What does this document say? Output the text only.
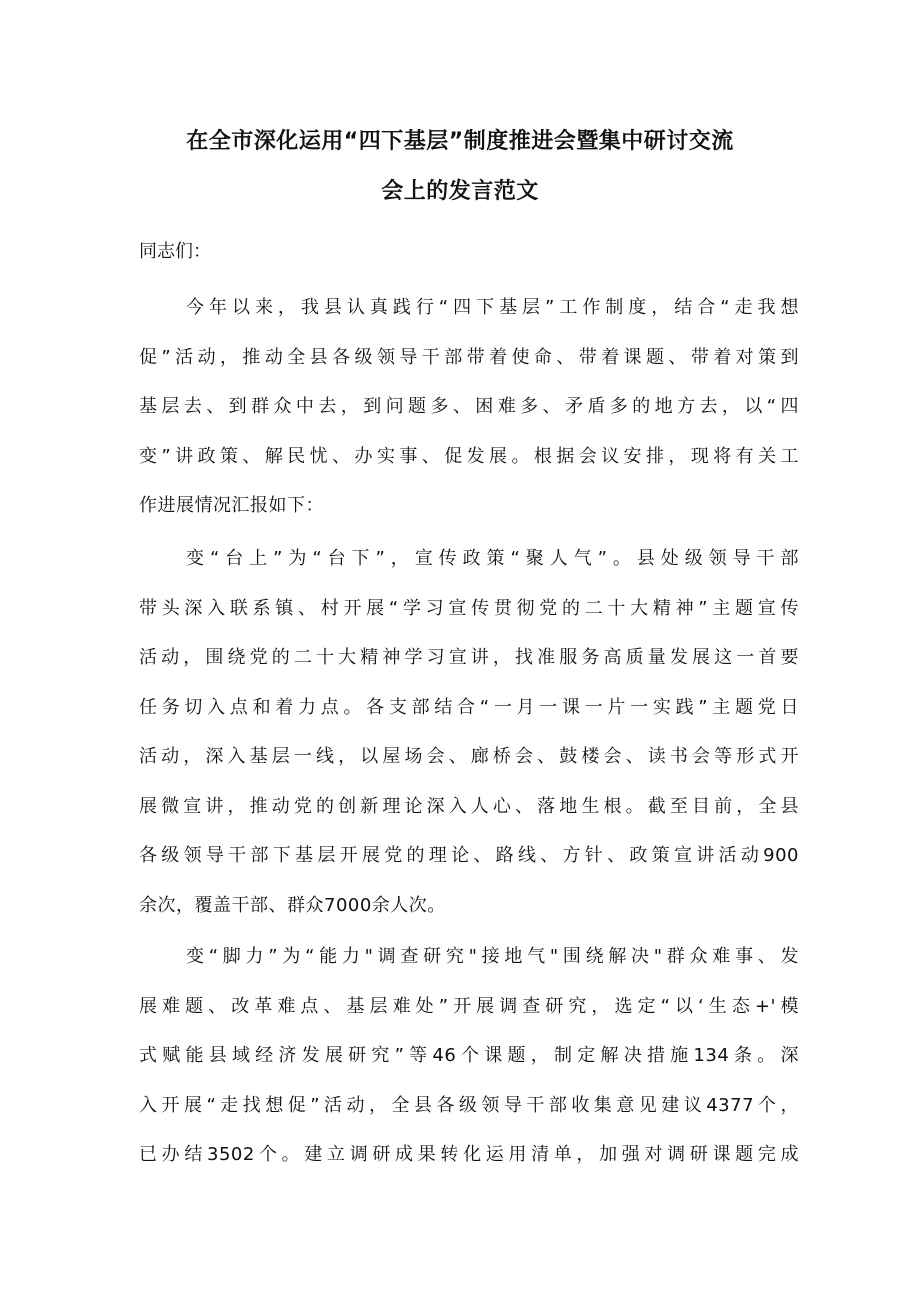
在全市深化运用“四下基层”制度推进会暨集中研讨交流
会上的发言范文

同志们：

今年以来，我县认真践行“四下基层”工作制度，结合“走我想
促”活动，推动全县各级领导干部带着使命、带着课题、带着对策到
基层去、到群众中去，到问题多、困难多、矛盾多的地方去，以“四
变”讲政策、解民忧、办实事、促发展。根据会议安排，现将有关工
作进展情况汇报如下：
变“台上”为“台下”，宣传政策“聚人气”。县处级领导干部
带头深入联系镇、村开展“学习宣传贯彻党的二十大精神”主题宣传
活动，围绕党的二十大精神学习宣讲，找准服务高质量发展这一首要
任务切入点和着力点。各支部结合“一月一课一片一实践”主题党日
活动，深入基层一线，以屋场会、廊桥会、鼓楼会、读书会等形式开
展微宣讲，推动党的创新理论深入人心、落地生根。截至目前，全县
各级领导干部下基层开展党的理论、路线、方针、政策宣讲活动900
余次，覆盖干部、群众7000余人次。
变“脚力”为“能力"调查研究"接地气"围绕解决"群众难事、发
展难题、改革难点、基层难处”开展调查研究，选定“以‘生态+'模
式赋能县域经济发展研究”等46个课题，制定解决措施134条。深
入开展“走找想促”活动，全县各级领导干部收集意见建议4377个，
已办结3502个。建立调研成果转化运用清单，加强对调研课题完成
